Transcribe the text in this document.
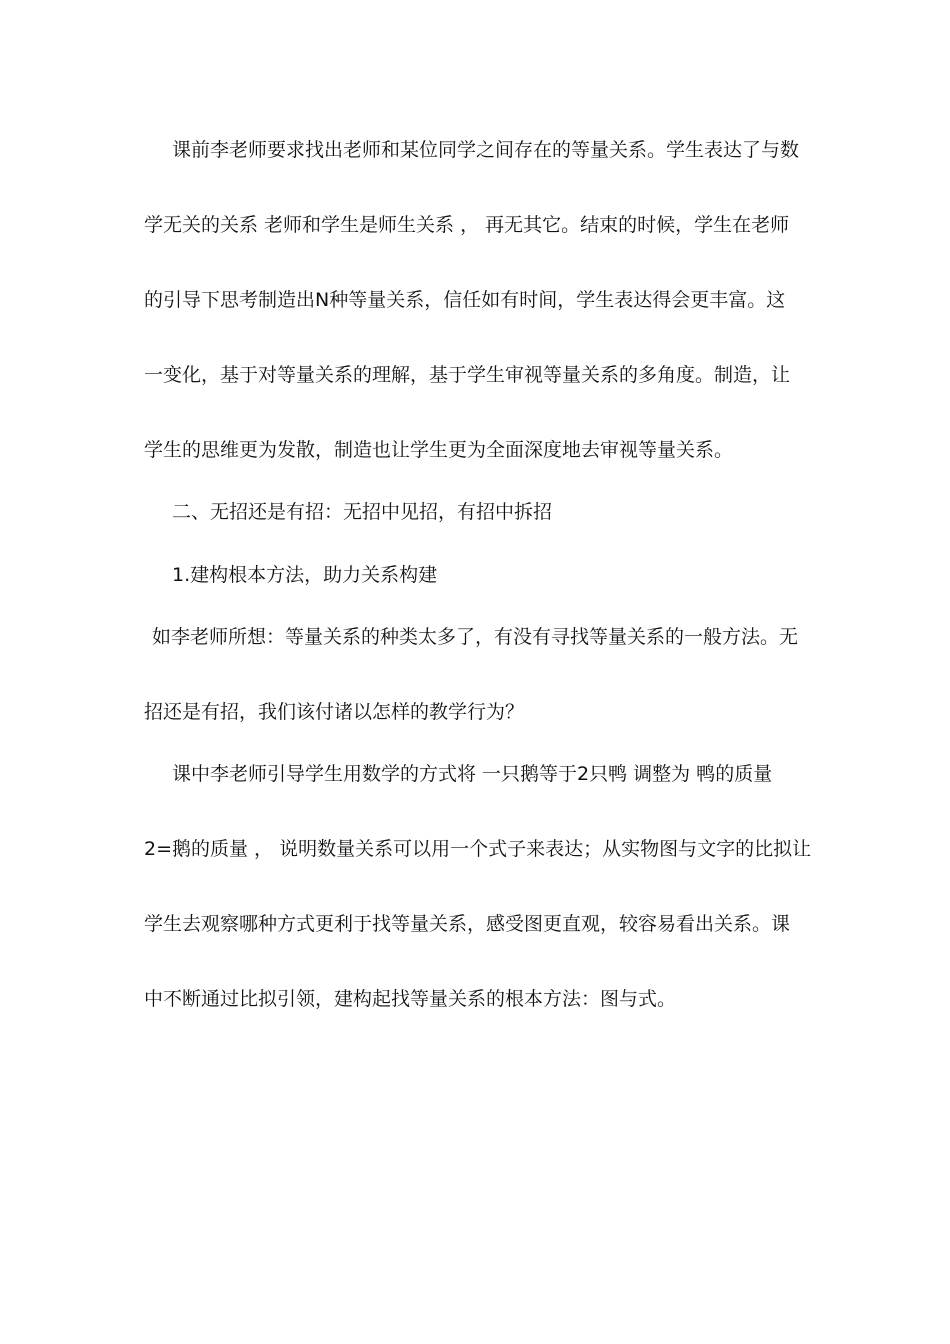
课前李老师要求找出老师和某位同学之间存在的等量关系。学生表达了与数
学无关的关系 老师和学生是师生关系 ， 再无其它。结束的时候，学生在老师
的引导下思考制造出N种等量关系，信任如有时间，学生表达得会更丰富。这
一变化，基于对等量关系的理解，基于学生审视等量关系的多角度。制造，让
学生的思维更为发散，制造也让学生更为全面深度地去审视等量关系。
二、无招还是有招：无招中见招，有招中拆招
1.建构根本方法，助力关系构建
如李老师所想：等量关系的种类太多了，有没有寻找等量关系的一般方法。无
招还是有招，我们该付诸以怎样的教学行为？
课中李老师引导学生用数学的方式将 一只鹅等于2只鸭 调整为 鸭的质量
2=鹅的质量 ， 说明数量关系可以用一个式子来表达；从实物图与文字的比拟让
学生去观察哪种方式更利于找等量关系，感受图更直观，较容易看出关系。课
中不断通过比拟引领，建构起找等量关系的根本方法：图与式。
